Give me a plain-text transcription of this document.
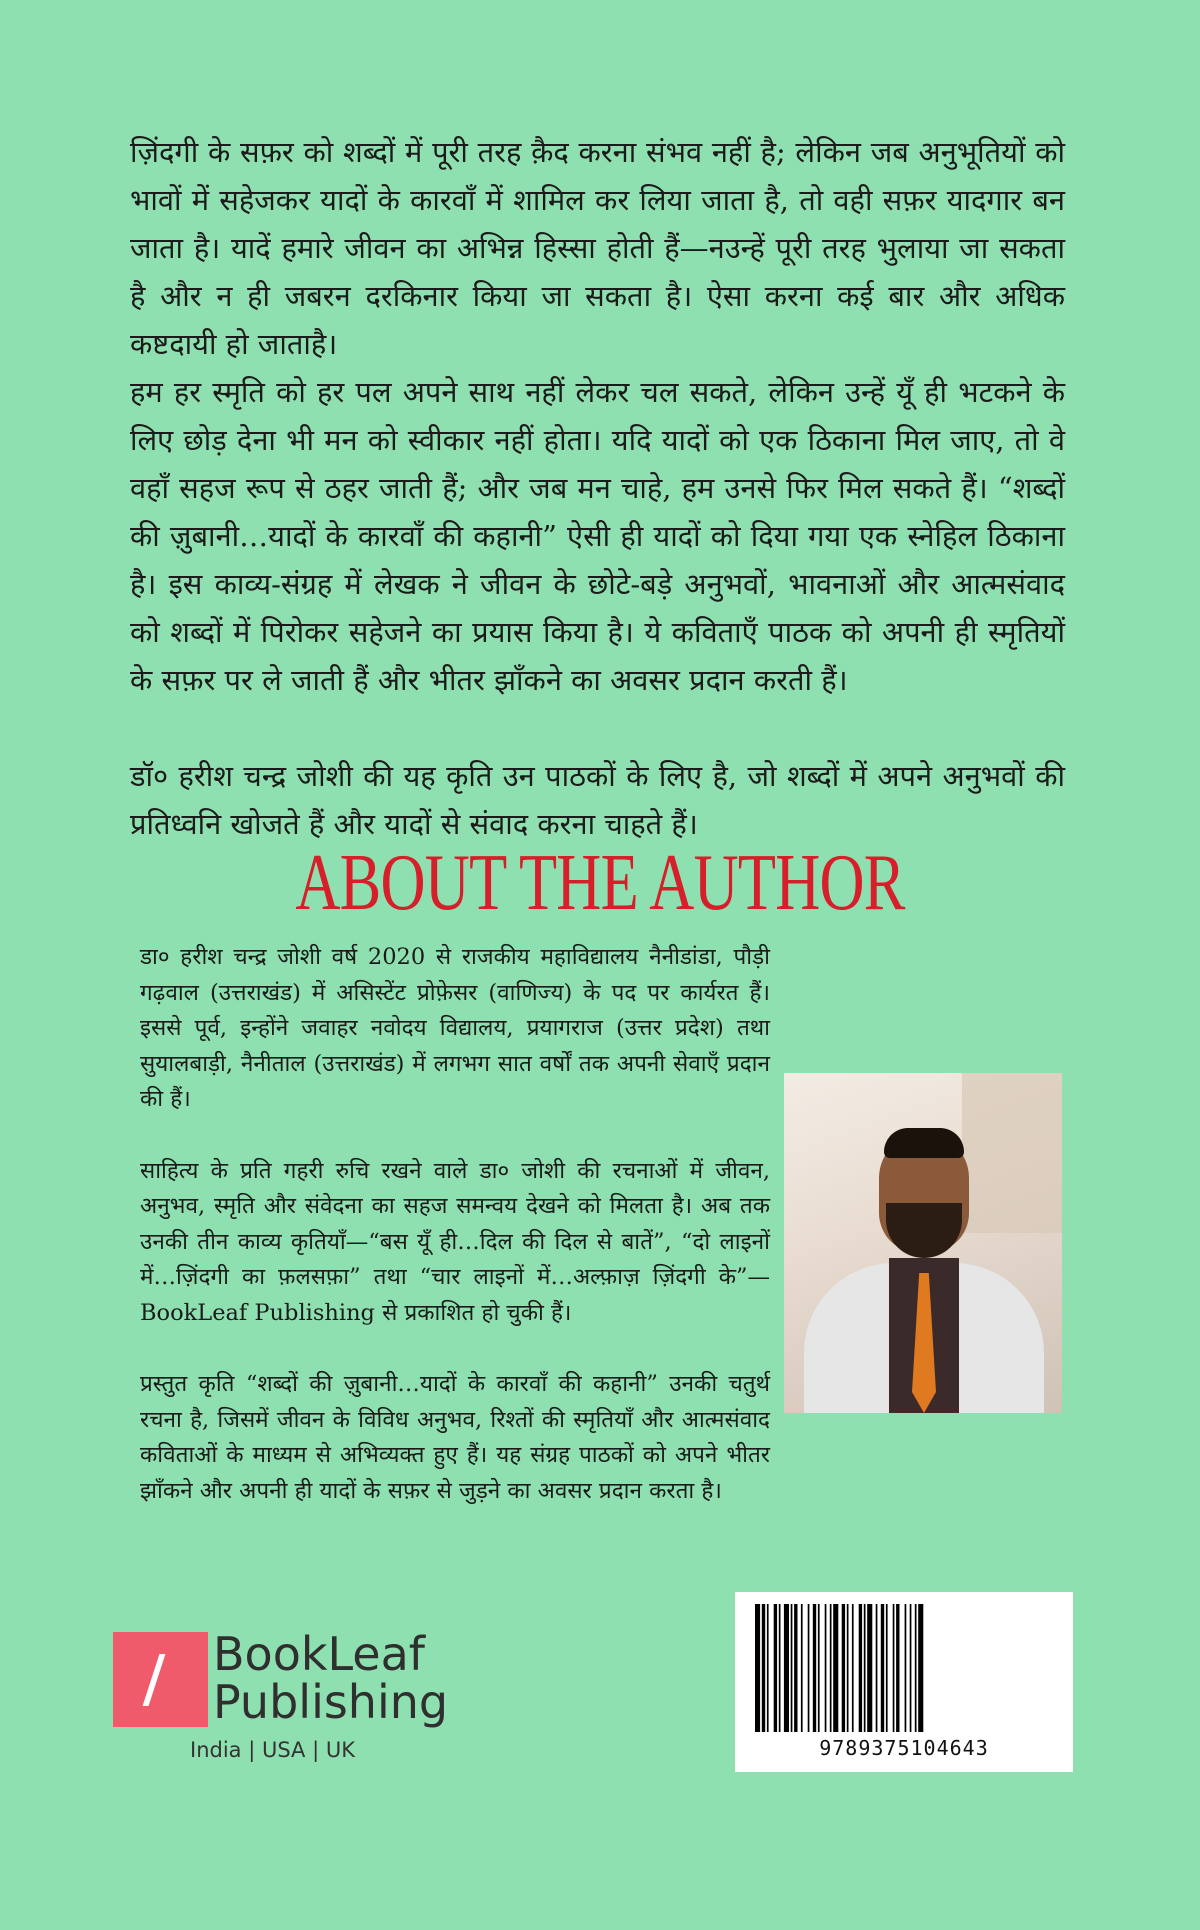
ज़िंदगी के सफ़र को शब्दों में पूरी तरह क़ैद करना संभव नहीं है; लेकिन जब अनुभूतियों को भावों में सहेजकर यादों के कारवाँ में शामिल कर लिया जाता है, तो वही सफ़र यादगार बन जाता है। यादें हमारे जीवन का अभिन्न हिस्सा होती हैं—नउन्हें पूरी तरह भुलाया जा सकता है और न ही जबरन दरकिनार किया जा सकता है। ऐसा करना कई बार और अधिक कष्टदायी हो जाताहै।

हम हर स्मृति को हर पल अपने साथ नहीं लेकर चल सकते, लेकिन उन्हें यूँ ही भटकने के लिए छोड़ देना भी मन को स्वीकार नहीं होता। यदि यादों को एक ठिकाना मिल जाए, तो वे वहाँ सहज रूप से ठहर जाती हैं; और जब मन चाहे, हम उनसे फिर मिल सकते हैं। “शब्दों की ज़ुबानी…यादों के कारवाँ की कहानी” ऐसी ही यादों को दिया गया एक स्नेहिल ठिकाना है। इस काव्य-संग्रह में लेखक ने जीवन के छोटे-बड़े अनुभवों, भावनाओं और आत्मसंवाद को शब्दों में पिरोकर सहेजने का प्रयास किया है। ये कविताएँ पाठक को अपनी ही स्मृतियों के सफ़र पर ले जाती हैं और भीतर झाँकने का अवसर प्रदान करती हैं।

डॉ० हरीश चन्द्र जोशी की यह कृति उन पाठकों के लिए है, जो शब्दों में अपने अनुभवों की प्रतिध्वनि खोजते हैं और यादों से संवाद करना चाहते हैं।

ABOUT THE AUTHOR

डा० हरीश चन्द्र जोशी वर्ष 2020 से राजकीय महाविद्यालय नैनीडांडा, पौड़ी गढ़वाल (उत्तराखंड) में असिस्टेंट प्रोफ़ेसर (वाणिज्य) के पद पर कार्यरत हैं। इससे पूर्व, इन्होंने जवाहर नवोदय विद्यालय, प्रयागराज (उत्तर प्रदेश) तथा सुयालबाड़ी, नैनीताल (उत्तराखंड) में लगभग सात वर्षों तक अपनी सेवाएँ प्रदान की हैं।

साहित्य के प्रति गहरी रुचि रखने वाले डा० जोशी की रचनाओं में जीवन, अनुभव, स्मृति और संवेदना का सहज समन्वय देखने को मिलता है। अब तक उनकी तीन काव्य कृतियाँ—“बस यूँ ही…दिल की दिल से बातें”, “दो लाइनों में…ज़िंदगी का फ़लसफ़ा” तथा “चार लाइनों में…अल्फ़ाज़ ज़िंदगी के”—BookLeaf Publishing से प्रकाशित हो चुकी हैं।

प्रस्तुत कृति “शब्दों की ज़ुबानी…यादों के कारवाँ की कहानी” उनकी चतुर्थ रचना है, जिसमें जीवन के विविध अनुभव, रिश्तों की स्मृतियाँ और आत्मसंवाद कविताओं के माध्यम से अभिव्यक्त हुए हैं। यह संग्रह पाठकों को अपने भीतर झाँकने और अपनी ही यादों के सफ़र से जुड़ने का अवसर प्रदान करता है।

BookLeaf
Publishing
India | USA | UK	9789375104643
